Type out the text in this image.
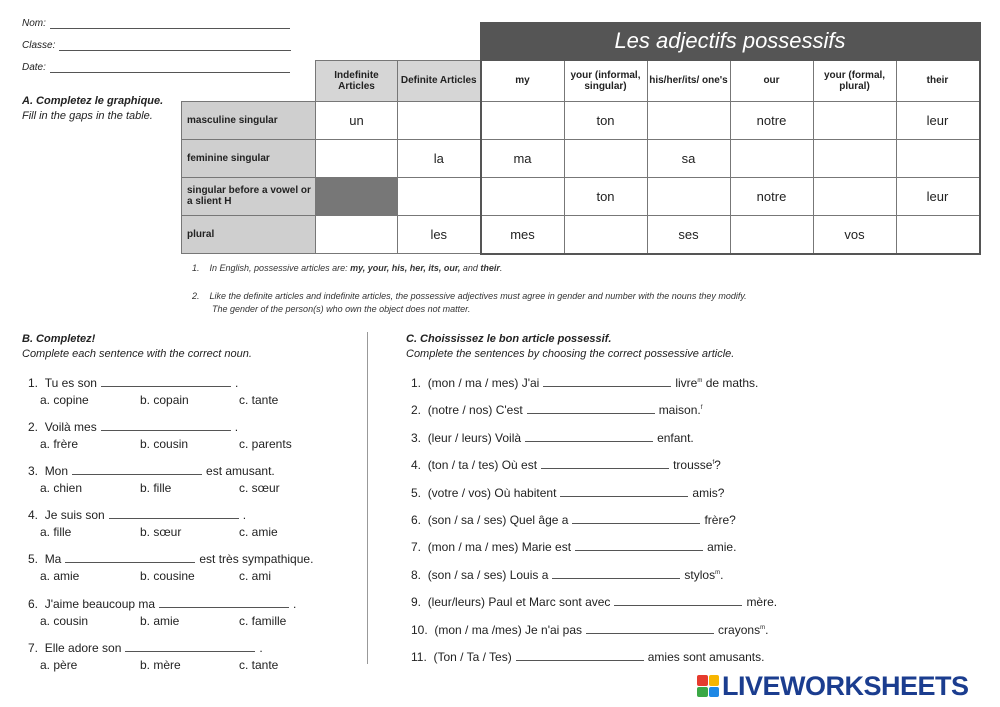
Nom:
Classe:
Date:
A. Completez le graphique.
Fill in the gaps in the table.
			Les adjectifs possessifs					
	Indefinite Articles	Definite Articles	my	your (informal, singular)	his/her/its/ one's	our	your (formal, plural)	their
masculine singular	un			ton		notre		leur
feminine singular		la	ma		sa			
singular before a vowel or a slient H				ton		notre		leur
plural		les	mes		ses		vos	
1. In English, possessive articles are: my, your, his, her, its, our, and their.
2. Like the definite articles and indefinite articles, the possessive adjectives must agree in gender and number with the nouns they modify.
The gender of the person(s) who own the object does not matter.
B. Completez!
Complete each sentence with the correct noun.
1. Tu es son	.
a. copine	b. copain	c. tante
2. Voilà mes	.
a. frère	b. cousin	c. parents
3. Mon	est amusant.
a. chien	b. fille	c. sœur
4. Je suis son	.
a. fille	b. sœur	c. amie
5. Ma	est très sympathique.
a. amie	b. cousine	c. ami
6. J'aime beaucoup ma	.
a. cousin	b. amie	c. famille
7. Elle adore son	.
a. père	b. mère	c. tante
C. Choississez le bon article possessif.
Complete the sentences by choosing the correct possessive article.
1. (mon / ma / mes) J'ai	livre$^m$ de maths.
2. (notre / nos) C'est	maison.$^f$
3. (leur / leurs) Voilà	enfant.
4. (ton / ta / tes) Où est	trousse$^f$?
5. (votre / vos) Où habitent	amis?
6. (son / sa / ses) Quel âge a	frère?
7. (mon / ma / mes) Marie est	amie.
8. (son / sa / ses) Louis a	stylos$^m$.
9. (leur/leurs) Paul et Marc sont avec	mère.
10. (mon / ma /mes) Je n'ai pas	crayons$^m$.
11. (Ton / Ta / Tes)	amies sont amusants.
LIVEWORKSHEETS
